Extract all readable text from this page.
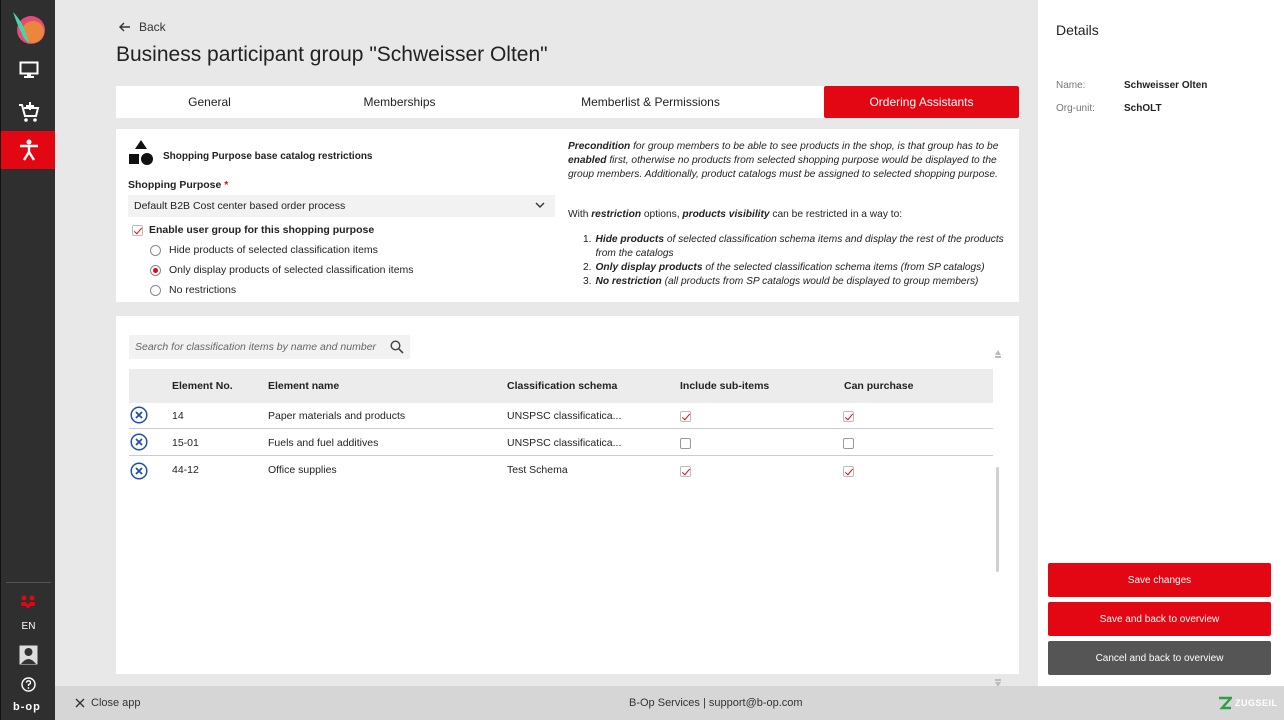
EN
b-op
Back
Business participant group "Schweisser Olten"
General	Memberships	Memberlist & Permissions	Ordering Assistants
Shopping Purpose base catalog restrictions
Shopping Purpose *
Default B2B Cost center based order process
Enable user group for this shopping purpose
Hide products of selected classification items
Only display products of selected classification items
No restrictions
Precondition for group members to be able to see products in the shop, is that group has to be enabled first, otherwise no products from selected shopping purpose would be displayed to the group members. Additionally, product catalogs must be assigned to selected shopping purpose.
With restriction options, products visibility can be restricted in a way to:
1. Hide products of selected classification schema items and display the rest of the products from the catalogs
2. Only display products of the selected classification schema items (from SP catalogs)
3. No restriction (all products from SP catalogs would be displayed to group members)
Search for classification items by name and number
Element No.	Element name	Classification schema	Include sub-items	Can purchase
14	Paper materials and products	UNSPSC classificatica...
15-01	Fuels and fuel additives	UNSPSC classificatica...
44-12	Office supplies	Test Schema
Details
Name:	Schweisser Olten
Org-unit:	SchOLT
Save changes
Save and back to overview
Cancel and back to overview
Close app	B-Op Services | support@b-op.com	ZUGSEIL
